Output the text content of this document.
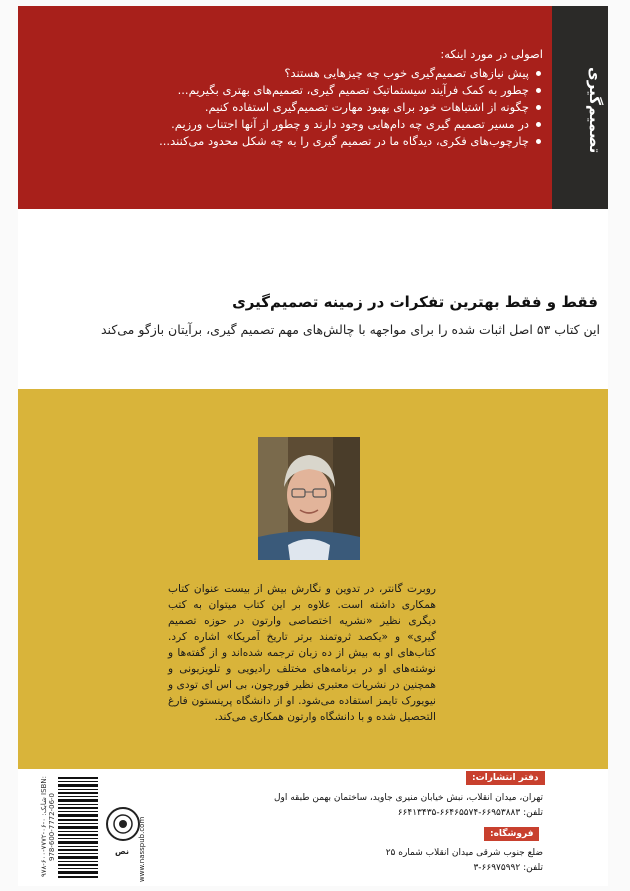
تصمیم‌گیری
اصولی در مورد اینکه:
پیش نیازهای تصمیم‌گیری خوب چه چیزهایی هستند؟
چطور به کمک فرآیند سیستماتیک تصمیم گیری، تصمیم‌های بهتری بگیریم...
چگونه از اشتباهات خود برای بهبود مهارت تصمیم‌گیری استفاده کنیم.
در مسیر تصمیم گیری چه دام‌هایی وجود دارند و چطور از آنها اجتناب ورزیم.
چارچوب‌های فکری، دیدگاه ما در تصمیم گیری را به چه شکل محدود می‌کنند...
فقط و فقط بهترین تفکرات در زمینه تصمیم‌گیری
این کتاب ۵۳ اصل اثبات شده را برای مواجهه با چالش‌های مهم تصمیم گیری، برآیتان بازگو می‌کند
روبرت گانتر، در تدوین و نگارش بیش از بیست عنوان کتاب همکاری داشته است. علاوه بر این کتاب میتوان به کتب دیگری نظیر «نشریه اختصاصی وارتون در حوزه تصمیم گیری» و «یکصد ثروتمند برتر تاریخ آمریکا» اشاره کرد. کتاب‌های او به بیش از ده زبان ترجمه شده‌اند و از گفته‌ها و نوشته‌های او در برنامه‌های مختلف رادیویی و تلویزیونی و همچنین در نشریات معتبری نظیر فورچون، بی اس ای تودی و نیویورک تایمز استفاده می‌شود. او از دانشگاه پرینستون فارغ التحصیل شده و با دانشگاه وارتون همکاری می‌کند.
شابک: ۰-۰۶-۷۷۷۲-۶۰۰-۹۷۸ ISBN: 978-600-7772-06-0	نص	www.nasspub.com
دفتر انتشارات:
تهران، میدان انقلاب، نبش خیابان منیری جاوید، ساختمان بهمن طبقه اول
تلفن: ۶۶۹۵۳۸۸۳-۶۶۴۶۵۵۷۴-۶۶۴۱۳۴۳۵
فروشگاه:
ضلع جنوب شرقی میدان انقلاب شماره ۲۵
تلفن: ۶۶۹۷۵۹۹۲-۳
